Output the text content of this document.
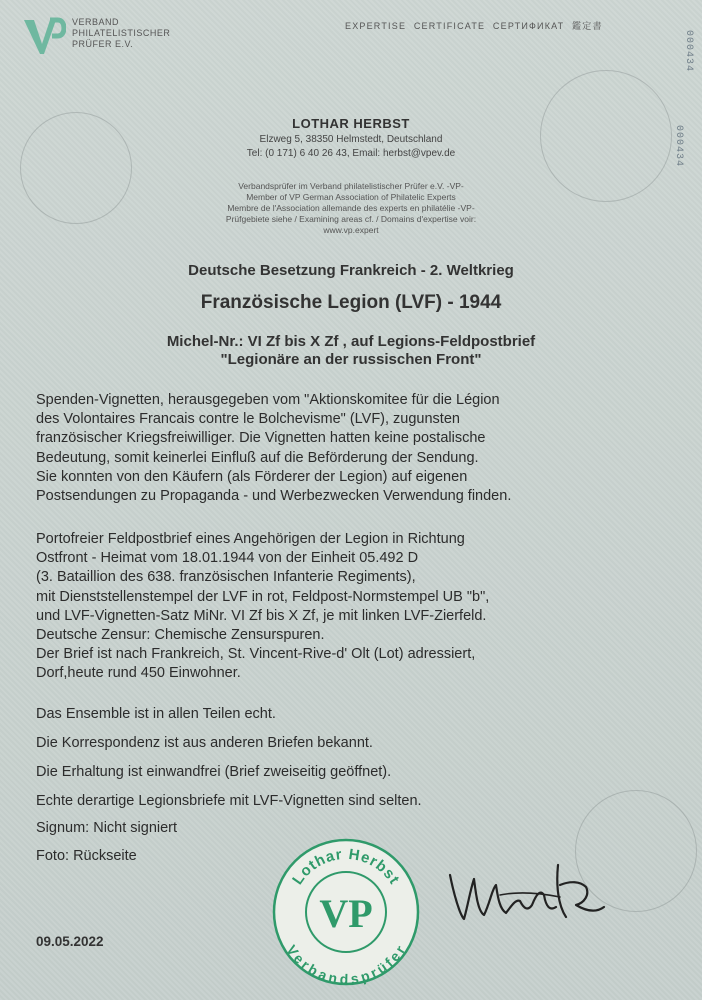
VERBAND
PHILATELISTISCHER
PRÜFER E.V.
EXPERTISE CERTIFICATE СЕРТИФИКАТ 鑑定書
000434
000434
LOTHAR HERBST
Elzweg 5, 38350 Helmstedt, Deutschland
Tel: (0 171) 6 40 26 43, Email: herbst@vpev.de
Verbandsprüfer im Verband philatelistischer Prüfer e.V. -VP-
Member of VP German Association of Philatelic Experts
Membre de l'Association allemande des experts en philatélie -VP-
Prüfgebiete siehe / Examining areas cf. / Domains d'expertise voir:
www.vp.expert
Deutsche Besetzung Frankreich - 2. Weltkrieg
Französische Legion (LVF) - 1944
Michel-Nr.: VI Zf bis X Zf , auf Legions-Feldpostbrief
"Legionäre an der russischen Front"
Spenden-Vignetten, herausgegeben vom "Aktionskomitee für die Légion
des Volontaires Francais contre le Bolchevisme" (LVF), zugunsten
französischer Kriegsfreiwilliger. Die Vignetten hatten keine postalische
Bedeutung, somit keinerlei Einfluß auf die Beförderung der Sendung.
Sie konnten von den Käufern (als Förderer der Legion) auf eigenen
Postsendungen zu Propaganda - und Werbezwecken Verwendung finden.
Portofreier Feldpostbrief eines Angehörigen der Legion in Richtung
Ostfront - Heimat vom 18.01.1944 von der Einheit 05.492 D
(3. Bataillion des 638. französischen Infanterie Regiments),
mit Dienststellenstempel der LVF in rot, Feldpost-Normstempel UB "b",
und LVF-Vignetten-Satz MiNr. VI Zf bis X Zf, je mit linken LVF-Zierfeld.
Deutsche Zensur: Chemische Zensurspuren.
Der Brief ist nach Frankreich, St. Vincent-Rive-d' Olt (Lot) adressiert,
Dorf,heute rund 450 Einwohner.
Das Ensemble ist in allen Teilen echt.
Die Korrespondenz ist aus anderen Briefen bekannt.
Die Erhaltung ist einwandfrei (Brief zweiseitig geöffnet).
Echte derartige Legionsbriefe mit LVF-Vignetten sind selten.
Signum: Nicht signiert
Foto: Rückseite
09.05.2022
Lothar Herbst
Verbandsprüfer
VP
